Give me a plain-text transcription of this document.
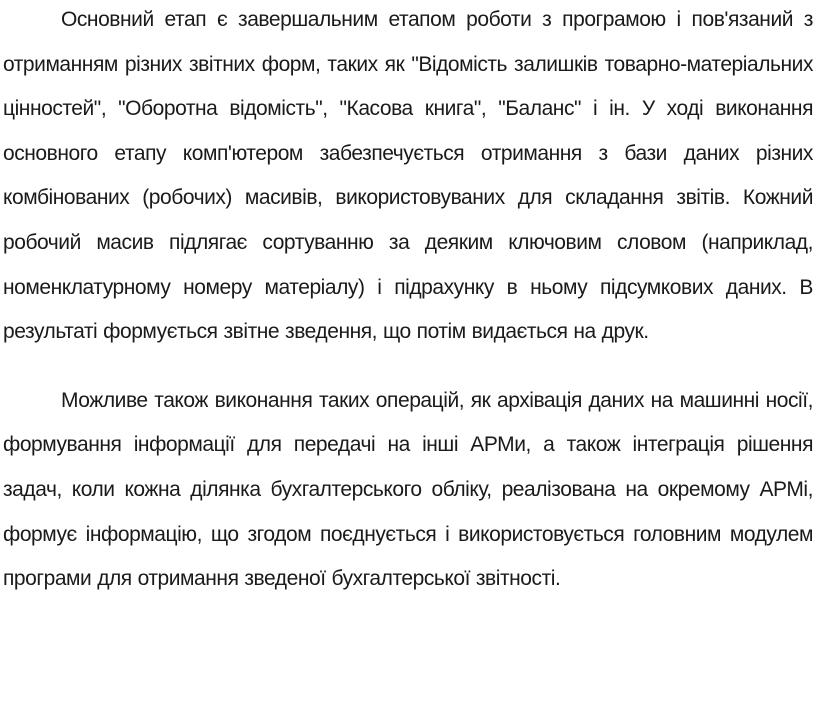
Основний етап є завершальним етапом роботи з програмою і пов'язаний з отриманням різних звітних форм, таких як "Відомість залишків товарно-матеріальних цінностей", "Оборотна відомість", "Касова книга", "Баланс" і ін. У ході виконання основного етапу комп'ютером забезпечується отримання з бази даних різних комбінованих (робочих) масивів, використовуваних для складання звітів. Кожний робочий масив підлягає сортуванню за деяким ключовим словом (наприклад, номенклатурному номеру матеріалу) і підрахунку в ньому підсумкових даних. В результаті формується звітне зведення, що потім видається на друк.

Можливе також виконання таких операцій, як архівація даних на машинні носії, формування інформації для передачі на інші АРМи, а також інтеграція рішення задач, коли кожна ділянка бухгалтерського обліку, реалізована на окремому АРМі, формує інформацію, що згодом поєднується і використовується головним модулем програми для отримання зведеної бухгалтерської звітності.
